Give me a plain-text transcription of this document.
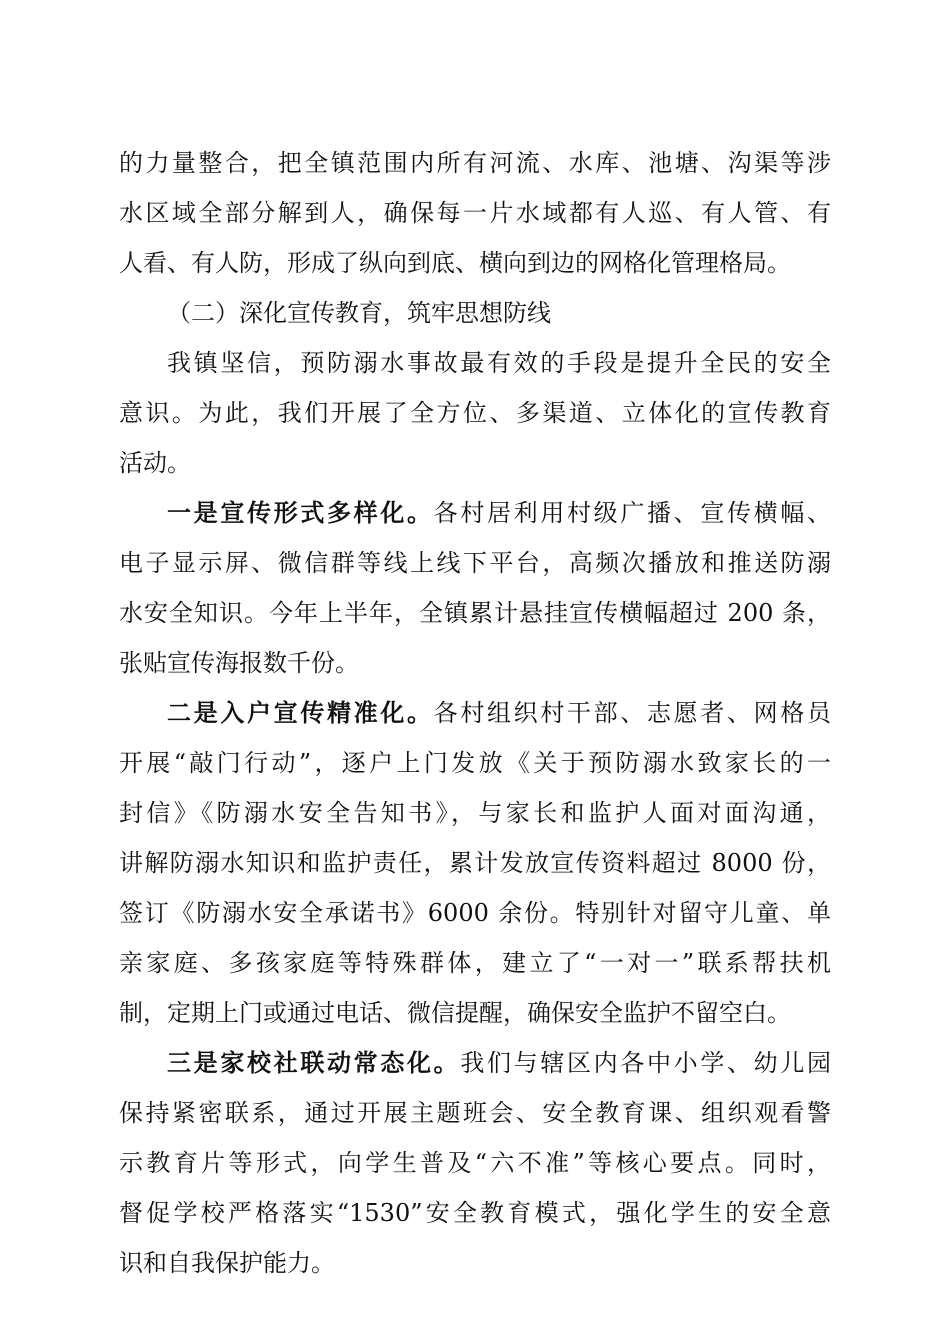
的力量整合，把全镇范围内所有河流、水库、池塘、沟渠等涉
水区域全部分解到人，确保每一片水域都有人巡、有人管、有
人看、有人防，形成了纵向到底、横向到边的网格化管理格局。
（二）深化宣传教育，筑牢思想防线
我镇坚信，预防溺水事故最有效的手段是提升全民的安全
意识。为此，我们开展了全方位、多渠道、立体化的宣传教育
活动。
一是宣传形式多样化。各村居利用村级广播、宣传横幅、
电子显示屏、微信群等线上线下平台，高频次播放和推送防溺
水安全知识。今年上半年，全镇累计悬挂宣传横幅超过 200 条，
张贴宣传海报数千份。
二是入户宣传精准化。各村组织村干部、志愿者、网格员
开展“敲门行动”，逐户上门发放《关于预防溺水致家长的一
封信》《防溺水安全告知书》，与家长和监护人面对面沟通，
讲解防溺水知识和监护责任，累计发放宣传资料超过 8000 份，
签订《防溺水安全承诺书》6000 余份。特别针对留守儿童、单
亲家庭、多孩家庭等特殊群体，建立了“一对一”联系帮扶机
制，定期上门或通过电话、微信提醒，确保安全监护不留空白。
三是家校社联动常态化。我们与辖区内各中小学、幼儿园
保持紧密联系，通过开展主题班会、安全教育课、组织观看警
示教育片等形式，向学生普及“六不准”等核心要点。同时，
督促学校严格落实“1530”安全教育模式，强化学生的安全意
识和自我保护能力。
